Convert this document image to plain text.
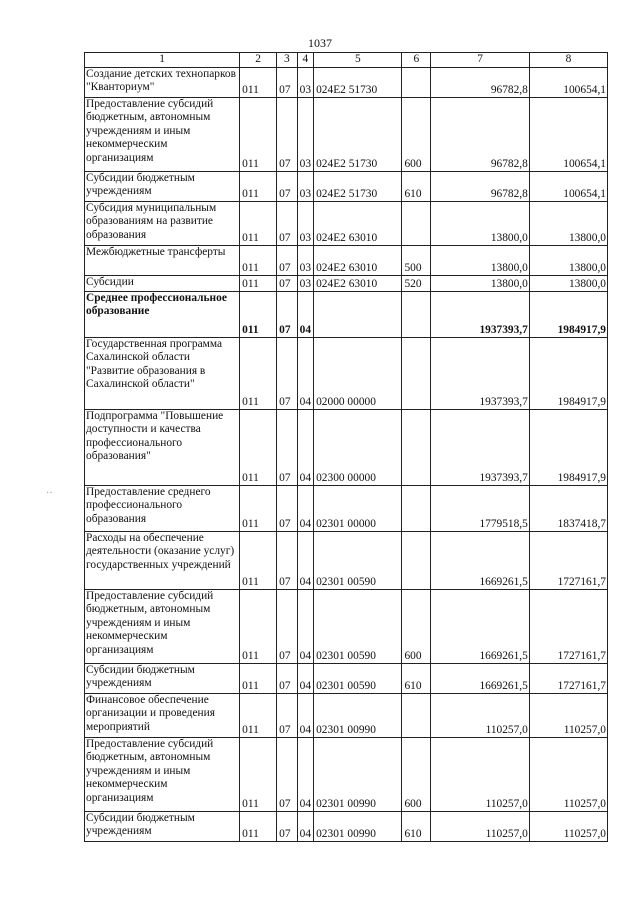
1037
1	2	3	4	5	6	7	8
Создание детских технопарков "Кванториум"	011	07	03	024E2 51730		96782,8	100654,1
Предоставление субсидий бюджетным, автономным учреждениям и иным некоммерческим организациям	011	07	03	024E2 51730	600	96782,8	100654,1
Субсидии бюджетным учреждениям	011	07	03	024E2 51730	610	96782,8	100654,1
Субсидия муниципальным образованиям на развитие образования	011	07	03	024E2 63010		13800,0	13800,0
Межбюджетные трансферты	011	07	03	024E2 63010	500	13800,0	13800,0
Субсидии	011	07	03	024E2 63010	520	13800,0	13800,0
Среднее профессиональное образование	011	07	04			1937393,7	1984917,9
Государственная программа Сахалинской области "Развитие образования в Сахалинской области"	011	07	04	02000 00000		1937393,7	1984917,9
Подпрограмма "Повышение доступности и качества профессионального образования"	011	07	04	02300 00000		1937393,7	1984917,9
Предоставление среднего профессионального образования	011	07	04	02301 00000		1779518,5	1837418,7
Расходы на обеспечение деятельности (оказание услуг) государственных учреждений	011	07	04	02301 00590		1669261,5	1727161,7
Предоставление субсидий бюджетным, автономным учреждениям и иным некоммерческим организациям	011	07	04	02301 00590	600	1669261,5	1727161,7
Субсидии бюджетным учреждениям	011	07	04	02301 00590	610	1669261,5	1727161,7
Финансовое обеспечение организации и проведения мероприятий	011	07	04	02301 00990		110257,0	110257,0
Предоставление субсидий бюджетным, автономным учреждениям и иным некоммерческим организациям	011	07	04	02301 00990	600	110257,0	110257,0
Субсидии бюджетным учреждениям	011	07	04	02301 00990	610	110257,0	110257,0
··
